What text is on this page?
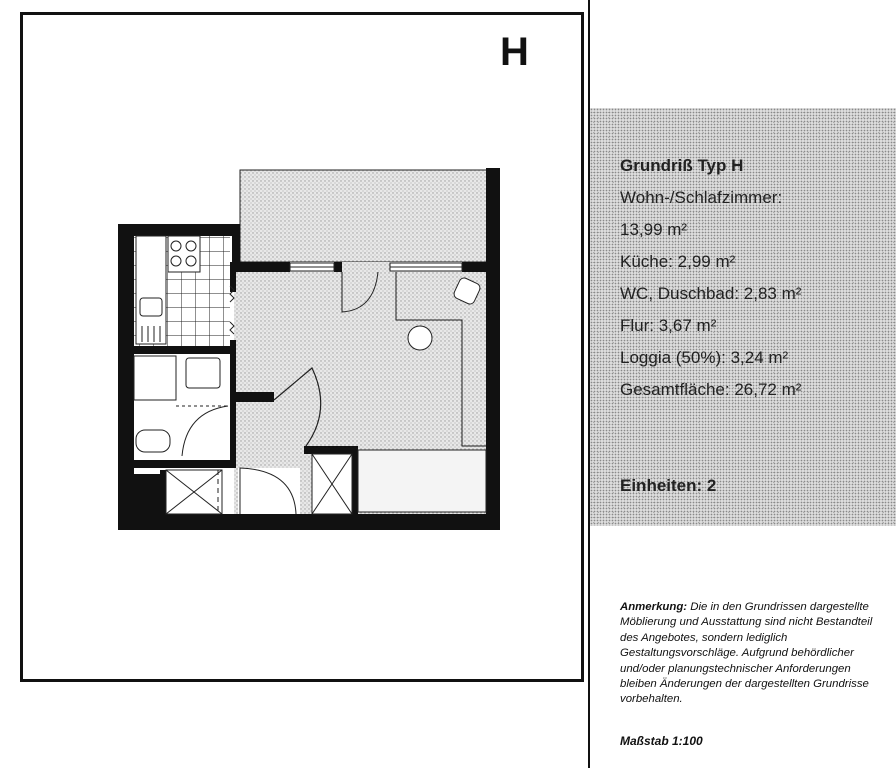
H
Grundriß Typ H
Wohn-/Schlafzimmer:
13,99 m²
Küche: 2,99 m²
WC, Duschbad: 2,83 m²
Flur: 3,67 m²
Loggia (50%): 3,24 m²
Gesamtfläche: 26,72 m²
Einheiten: 2
Anmerkung: Die in den Grundrissen dargestellte Möblierung und Ausstattung sind nicht Bestandteil des Angebotes, sondern lediglich Gestaltungsvorschläge. Aufgrund behördlicher und/oder planungstechnischer Anforderungen bleiben Änderungen der dargestellten Grundrisse vorbehalten.
Maßstab 1:100
